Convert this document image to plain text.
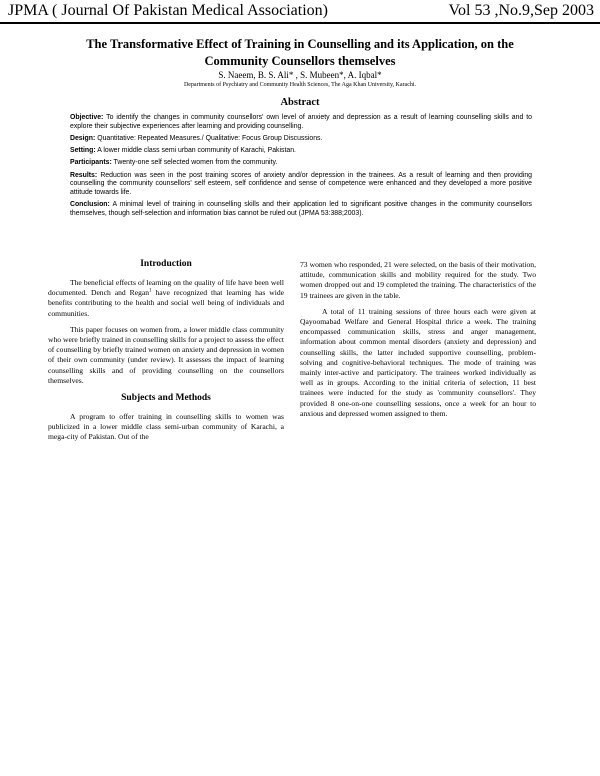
JPMA ( Journal Of Pakistan Medical Association)	Vol 53 ,No.9,Sep 2003
The Transformative Effect of Training in Counselling and its Application, on the
Community Counsellors themselves
S. Naeem, B. S. Ali* , S. Mubeen*, A. Iqbal*
Departments of Psychiatry and Community Health Sciences, The Aga Khan University, Karachi.
Abstract

Objective: To identify the changes in community counsellors' own level of anxiety and depression as a result of learning counselling skills and to explore their subjective experiences after learning and providing counselling.

Design: Quantitative: Repeated Measures./ Qualitative: Focus Group Discussions.

Setting: A lower middle class semi urban community of Karachi, Pakistan.

Participants: Twenty-one self selected women from the community.

Results: Reduction was seen in the post training scores of anxiety and/or depression in the trainees. As a result of learning and then providing counselling the community counsellors' self esteem, self confidence and sense of competence were enhanced and they developed a more positive attitude towards life.

Conclusion: A minimal level of training in counselling skills and their application led to significant positive changes in the community counsellors themselves, though self-selection and information bias cannot be ruled out (JPMA 53:388;2003).

Introduction

The beneficial effects of learning on the quality of life have been well documented. Dench and Regan$^1$ have recognized that learning has wide benefits contributing to the health and social well being of individuals and communities.

This paper focuses on women from, a lower middle class community who were briefly trained in counselling skills for a project to assess the effect of counselling by briefly trained women on anxiety and depression in women of their own community (under review). It assesses the impact of learning counselling skills and of providing counselling on the counsellors themselves.

Subjects and Methods

A program to offer training in counselling skills to women was publicized in a lower middle class semi-urban community of Karachi, a mega-city of Pakistan. Out of the

73 women who responded, 21 were selected, on the basis of their motivation, attitude, communication skills and mobility required for the study. Two women dropped out and 19 completed the training. The characteristics of the 19 trainees are given in the table.

A total of 11 training sessions of three hours each were given at Qayoomabad Welfare and General Hospital thrice a week. The training encompassed communication skills, stress and anger management, information about common mental disorders (anxiety and depression) and counselling skills, the latter included supportive counselling, problem-solving and cognitive-behavioral techniques. The mode of training was mainly inter-active and participatory. The trainees worked individually as well as in groups. According to the initial criteria of selection, 11 best trainees were inducted for the study as 'community counsellors'. They provided 8 one-on-one counselling sessions, once a week for an hour to anxious and depressed women assigned to them.
